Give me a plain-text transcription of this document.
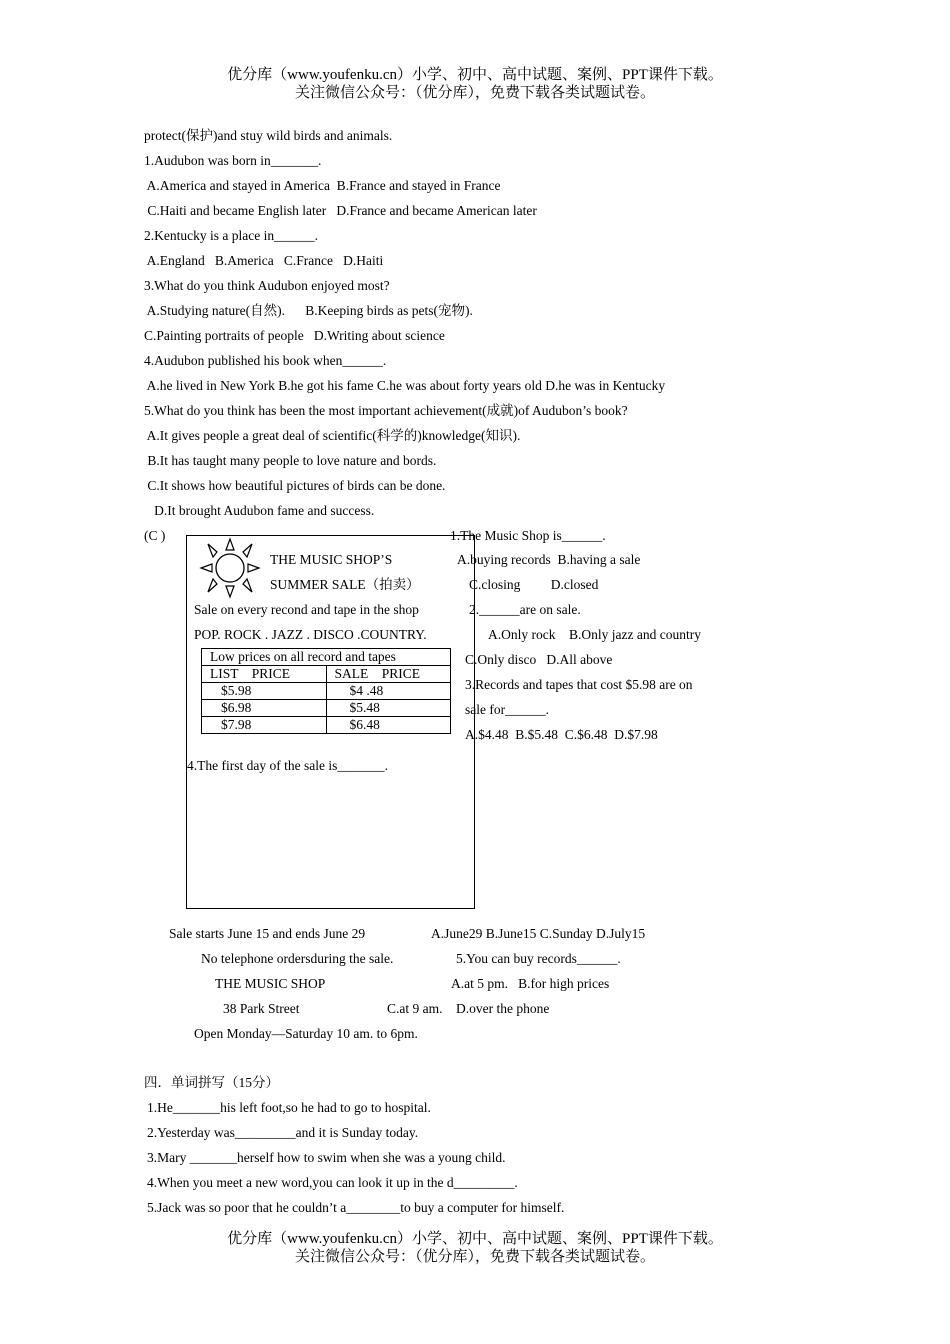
优分库（www.youfenku.cn）小学、初中、高中试题、案例、PPT课件下载。
关注微信公众号：（优分库），免费下载各类试题试卷。
protect(保护)and stuy wild birds and animals.
1.Audubon was born in_______.
A.America and stayed in America  B.France and stayed in France
C.Haiti and became English later   D.France and became American later
2.Kentucky is a place in______.
A.England   B.America   C.France   D.Haiti
3.What do you think Audubon enjoyed most?
A.Studying nature(自然).      B.Keeping birds as pets(宠物).
C.Painting portraits of people   D.Writing about science
4.Audubon published his book when______.
A.he lived in New York B.he got his fame C.he was about forty years old D.he was in Kentucky
5.What do you think has been the most important achievement(成就)of Audubon’s book?
A.It gives people a great deal of scientific(科学的)knowledge(知识).
B.It has taught many people to love nature and bords.
C.It shows how beautiful pictures of birds can be done.
D.It brought Audubon fame and success.
(C )
THE MUSIC SHOP’S
SUMMER SALE（拍卖）
Sale on every recond and tape in the shop
POP. ROCK . JAZZ . DISCO .COUNTRY.
Low prices on all record and tapes	
LIST    PRICE	SALE    PRICE
$5.98	$4 .48
$6.98	$5.48
$7.98	$6.48
4.The first day of the sale is_______.
1.The Music Shop is______.
A.buying records  B.having a sale
C.closing         D.closed
2.______are on sale.
A.Only rock    B.Only jazz and country
C.Only disco   D.All above
3.Records and tapes that cost $5.98 are on
sale for______.
A.$4.48  B.$5.48  C.$6.48  D.$7.98
Sale starts June 15 and ends June 29	A.June29 B.June15 C.Sunday D.July15
No telephone ordersduring the sale.	5.You can buy records______.
THE MUSIC SHOP	A.at 5 pm.   B.for high prices
38 Park Street	C.at 9 am.    D.over the phone
Open Monday—Saturday 10 am. to 6pm.
四．单词拼写（15分）
1.He_______his left foot,so he had to go to hospital.
2.Yesterday was_________and it is Sunday today.
3.Mary _______herself how to swim when she was a young child.
4.When you meet a new word,you can look it up in the d_________.
5.Jack was so poor that he couldn’t a________to buy a computer for himself.
优分库（www.youfenku.cn）小学、初中、高中试题、案例、PPT课件下载。
关注微信公众号：（优分库），免费下载各类试题试卷。
